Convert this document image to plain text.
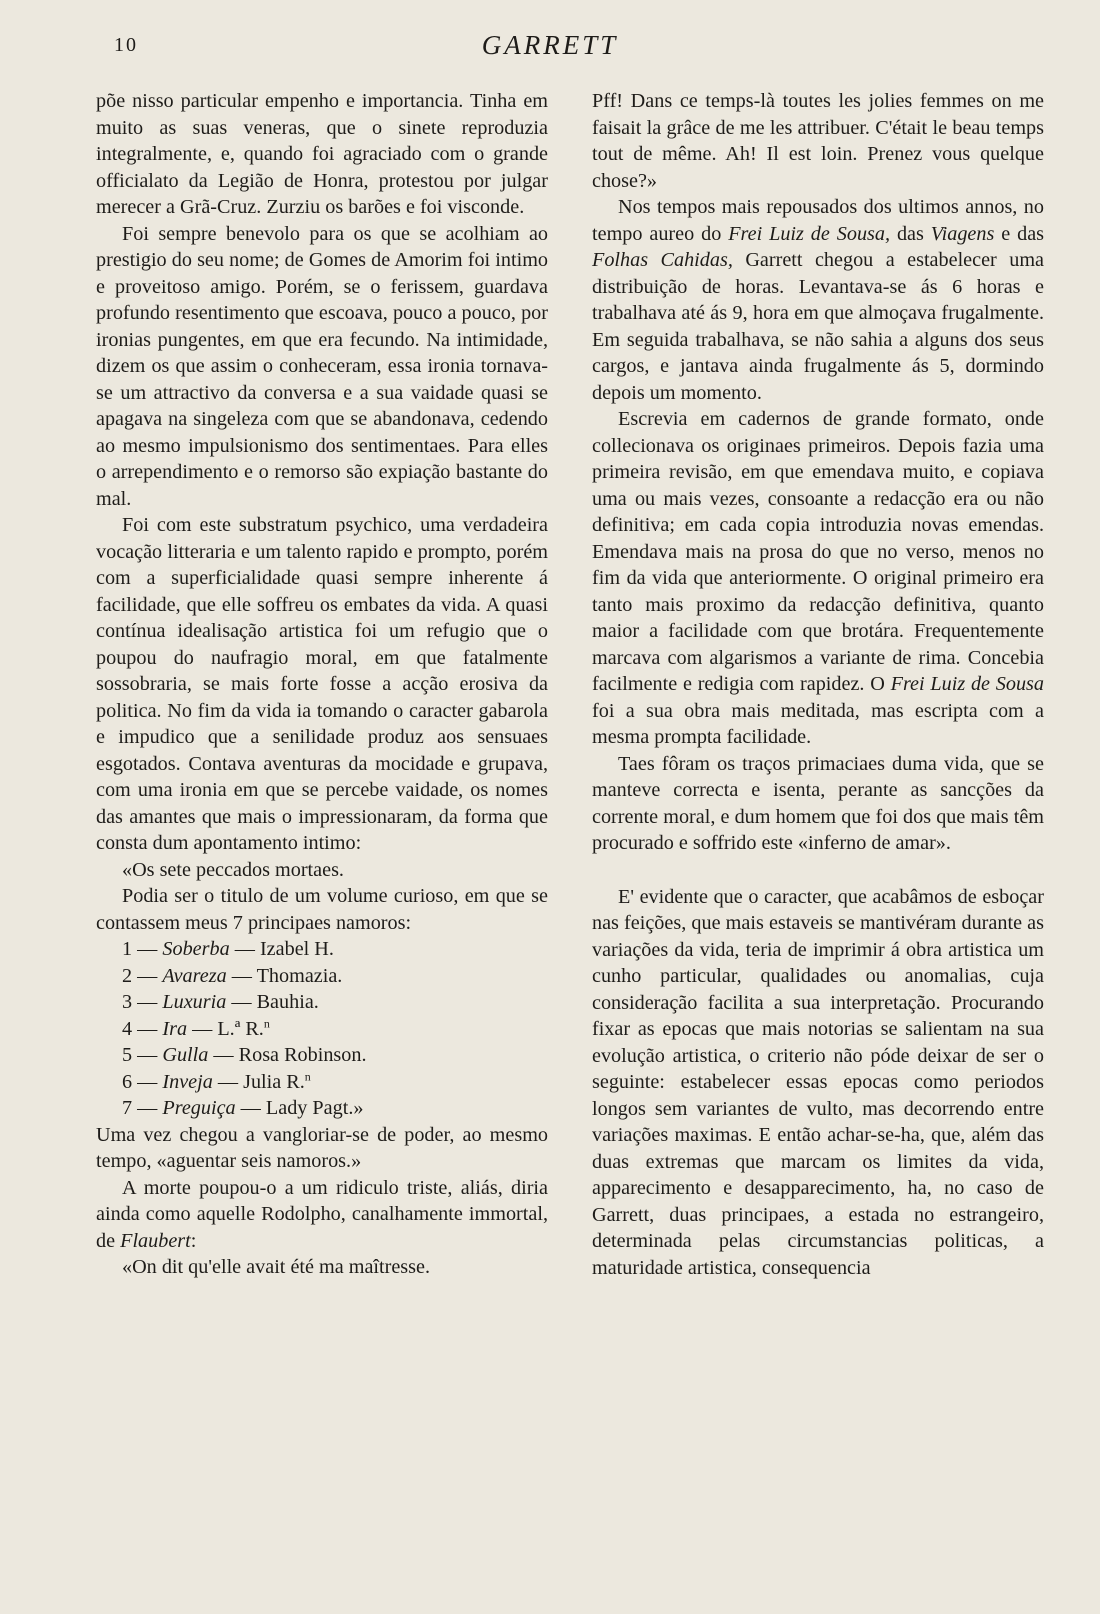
10	GARRETT

põe nisso particular empenho e importancia. Tinha em muito as suas veneras, que o sinete reproduzia integralmente, e, quando foi agraciado com o grande officialato da Legião de Honra, protestou por julgar merecer a Grã-Cruz. Zurziu os barões e foi visconde.

Foi sempre benevolo para os que se acolhiam ao prestigio do seu nome; de Gomes de Amorim foi intimo e proveitoso amigo. Porém, se o ferissem, guardava profundo resentimento que escoava, pouco a pouco, por ironias pungentes, em que era fecundo. Na intimidade, dizem os que assim o conheceram, essa ironia tornava-se um attractivo da conversa e a sua vaidade quasi se apagava na singeleza com que se abandonava, cedendo ao mesmo impulsionismo dos sentimentaes. Para elles o arrependimento e o remorso são expiação bastante do mal.

Foi com este substratum psychico, uma verdadeira vocação litteraria e um talento rapido e prompto, porém com a superficialidade quasi sempre inherente á facilidade, que elle soffreu os embates da vida. A quasi contínua idealisação artistica foi um refugio que o poupou do naufragio moral, em que fatalmente sossobraria, se mais forte fosse a acção erosiva da politica. No fim da vida ia tomando o caracter gabarola e impudico que a senilidade produz aos sensuaes esgotados. Contava aventuras da mocidade e grupava, com uma ironia em que se percebe vaidade, os nomes das amantes que mais o impressionaram, da forma que consta dum apontamento intimo:

«Os sete peccados mortaes.

Podia ser o titulo de um volume curioso, em que se contassem meus 7 principaes namoros:

1 — Soberba — Izabel H.
2 — Avareza — Thomazia.
3 — Luxuria — Bauhia.
4 — Ira — L.ª R.$^n$
5 — Gulla — Rosa Robinson.
6 — Inveja — Julia R.$^n$
7 — Preguiça — Lady Pagt.»

Uma vez chegou a vangloriar-se de poder, ao mesmo tempo, «aguentar seis namoros.»

A morte poupou-o a um ridiculo triste, aliás, diria ainda como aquelle Rodolpho, canalhamente immortal, de Flaubert:

«On dit qu'elle avait été ma maîtresse.

Pff! Dans ce temps-là toutes les jolies femmes on me faisait la grâce de me les attribuer. C'était le beau temps tout de même. Ah! Il est loin. Prenez vous quelque chose?»

Nos tempos mais repousados dos ultimos annos, no tempo aureo do Frei Luiz de Sousa, das Viagens e das Folhas Cahidas, Garrett chegou a estabelecer uma distribuição de horas. Levantava-se ás 6 horas e trabalhava até ás 9, hora em que almoçava frugalmente. Em seguida trabalhava, se não sahia a alguns dos seus cargos, e jantava ainda frugalmente ás 5, dormindo depois um momento.

Escrevia em cadernos de grande formato, onde collecionava os originaes primeiros. Depois fazia uma primeira revisão, em que emendava muito, e copiava uma ou mais vezes, consoante a redacção era ou não definitiva; em cada copia introduzia novas emendas. Emendava mais na prosa do que no verso, menos no fim da vida que anteriormente. O original primeiro era tanto mais proximo da redacção definitiva, quanto maior a facilidade com que brotára. Frequentemente marcava com algarismos a variante de rima. Concebia facilmente e redigia com rapidez. O Frei Luiz de Sousa foi a sua obra mais meditada, mas escripta com a mesma prompta facilidade.

Taes fôram os traços primaciaes duma vida, que se manteve correcta e isenta, perante as sancções da corrente moral, e dum homem que foi dos que mais têm procurado e soffrido este «inferno de amar».

E' evidente que o caracter, que acabâmos de esboçar nas feições, que mais estaveis se mantivéram durante as variações da vida, teria de imprimir á obra artistica um cunho particular, qualidades ou anomalias, cuja consideração facilita a sua interpretação. Procurando fixar as epocas que mais notorias se salientam na sua evolução artistica, o criterio não póde deixar de ser o seguinte: estabelecer essas epocas como periodos longos sem variantes de vulto, mas decorrendo entre variações maximas. E então achar-se-ha, que, além das duas extremas que marcam os limites da vida, apparecimento e desapparecimento, ha, no caso de Garrett, duas principaes, a estada no estrangeiro, determinada pelas circumstancias politicas, a maturidade artistica, consequencia
